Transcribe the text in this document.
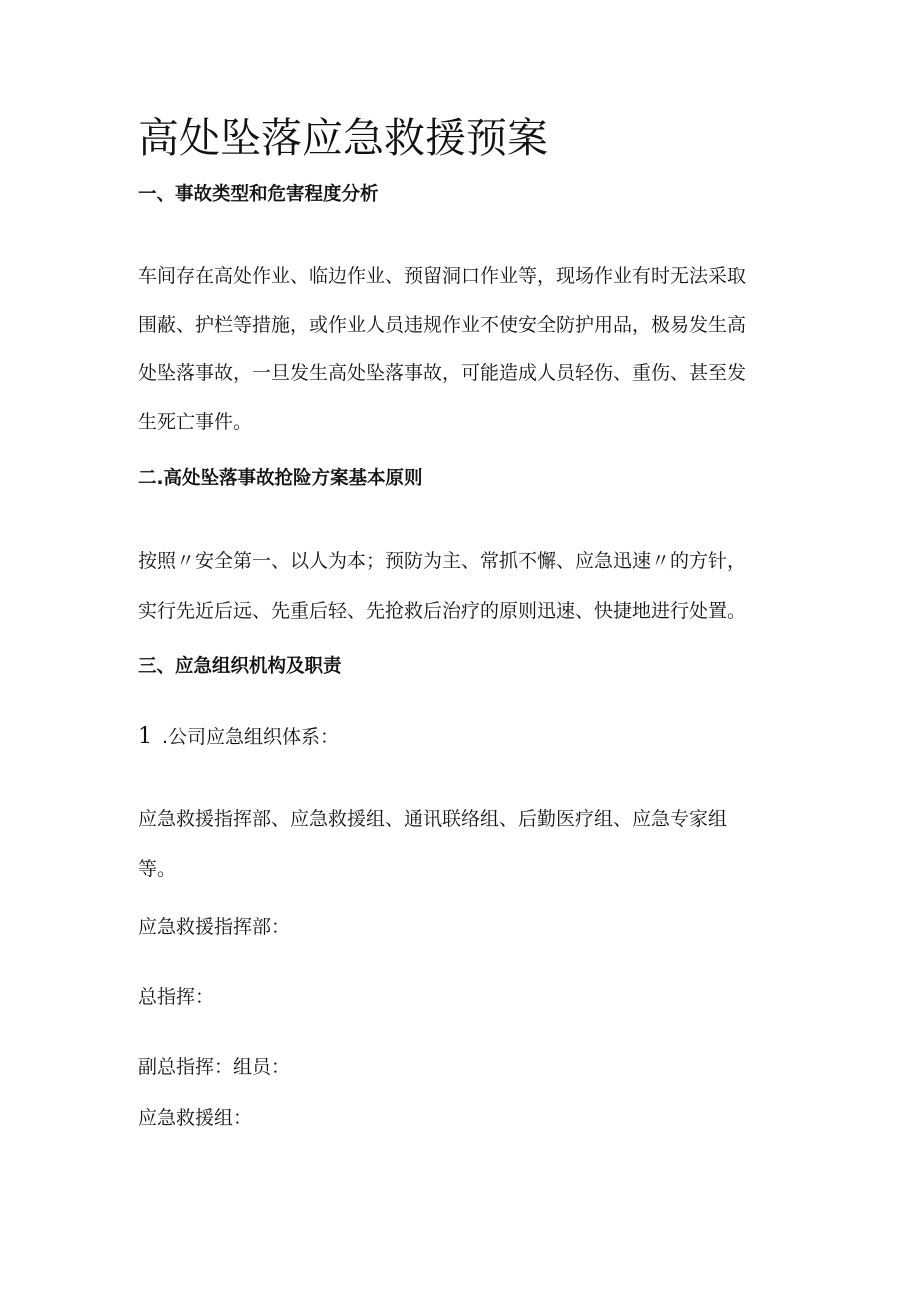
高处坠落应急救援预案
一、事故类型和危害程度分析
车间存在高处作业、临边作业、预留洞口作业等，现场作业有时无法采取
围蔽、护栏等措施，或作业人员违规作业不使安全防护用品，极易发生高
处坠落事故，一旦发生高处坠落事故，可能造成人员轻伤、重伤、甚至发
生死亡事件。
二.高处坠落事故抢险方案基本原则
按照〃安全第一、以人为本；预防为主、常抓不懈、应急迅速〃的方针，
实行先近后远、先重后轻、先抢救后治疗的原则迅速、快捷地进行处置。
三、应急组织机构及职责
1 .公司应急组织体系：
应急救援指挥部、应急救援组、通讯联络组、后勤医疗组、应急专家组
等。
应急救援指挥部：
总指挥：
副总指挥：组员：
应急救援组：
